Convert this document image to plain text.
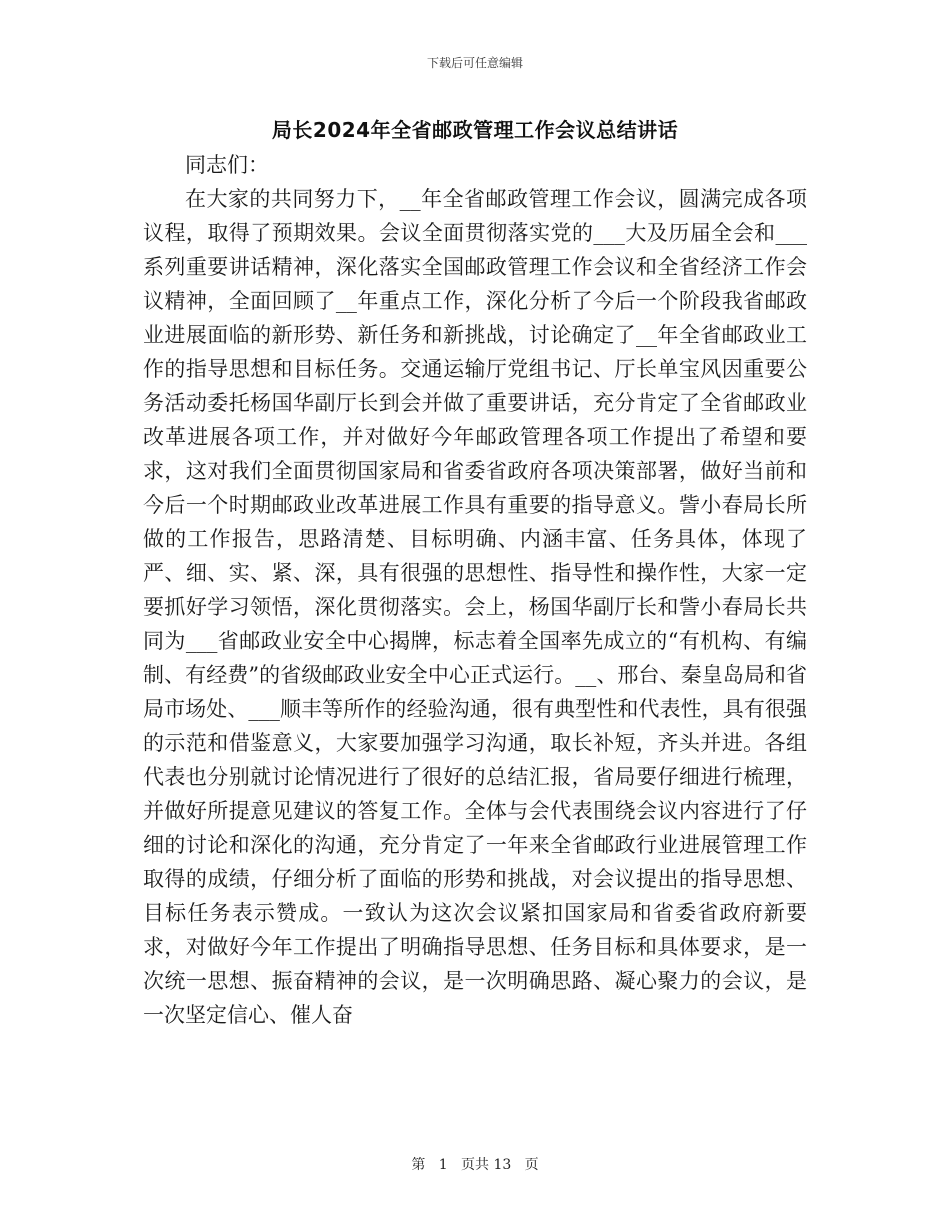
下载后可任意编辑
局长2024年全省邮政管理工作会议总结讲话

同志们：

在大家的共同努力下，__年全省邮政管理工作会议，圆满完成各项议程，取得了预期效果。会议全面贯彻落实党的___大及历届全会和___系列重要讲话精神，深化落实全国邮政管理工作会议和全省经济工作会议精神，全面回顾了__年重点工作，深化分析了今后一个阶段我省邮政业进展面临的新形势、新任务和新挑战，讨论确定了__年全省邮政业工作的指导思想和目标任务。交通运输厅党组书记、厅长单宝风因重要公务活动委托杨国华副厅长到会并做了重要讲话，充分肯定了全省邮政业改革进展各项工作，并对做好今年邮政管理各项工作提出了希望和要求，这对我们全面贯彻国家局和省委省政府各项决策部署，做好当前和今后一个时期邮政业改革进展工作具有重要的指导意义。訾小春局长所做的工作报告，思路清楚、目标明确、内涵丰富、任务具体，体现了严、细、实、紧、深，具有很强的思想性、指导性和操作性，大家一定要抓好学习领悟，深化贯彻落实。会上，杨国华副厅长和訾小春局长共同为___省邮政业安全中心揭牌，标志着全国率先成立的“有机构、有编制、有经费”的省级邮政业安全中心正式运行。__、邢台、秦皇岛局和省局市场处、___顺丰等所作的经验沟通，很有典型性和代表性，具有很强的示范和借鉴意义，大家要加强学习沟通，取长补短，齐头并进。各组代表也分别就讨论情况进行了很好的总结汇报，省局要仔细进行梳理，并做好所提意见建议的答复工作。全体与会代表围绕会议内容进行了仔细的讨论和深化的沟通，充分肯定了一年来全省邮政行业进展管理工作取得的成绩，仔细分析了面临的形势和挑战，对会议提出的指导思想、目标任务表示赞成。一致认为这次会议紧扣国家局和省委省政府新要求，对做好今年工作提出了明确指导思想、任务目标和具体要求，是一次统一思想、振奋精神的会议，是一次明确思路、凝心聚力的会议，是一次坚定信心、催人奋

第 1 页共 13 页
